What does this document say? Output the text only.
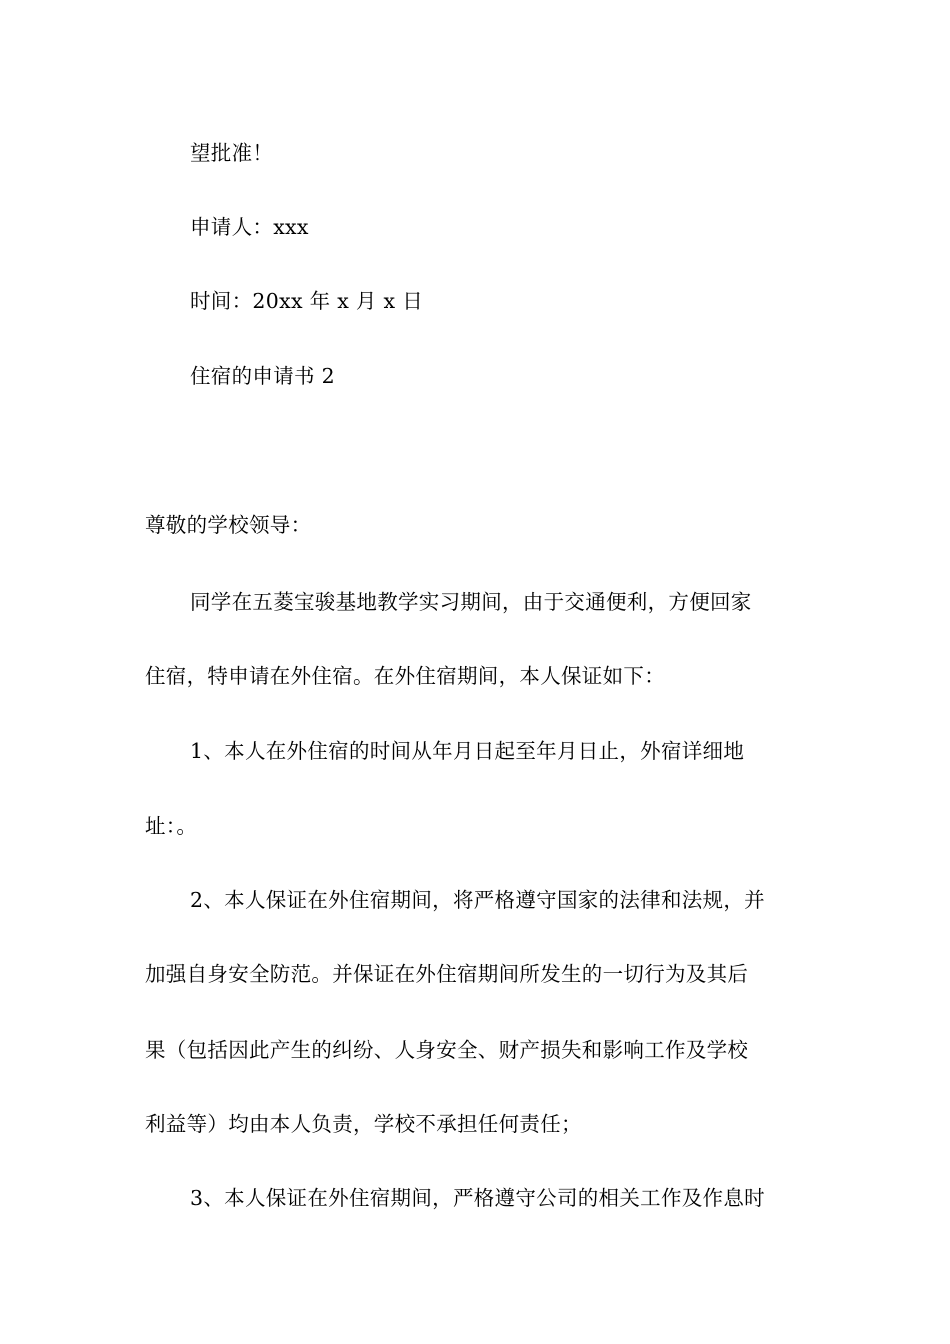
望批准！
申请人：xxx
时间：20xx 年 x 月 x 日
住宿的申请书 2
尊敬的学校领导：
同学在五菱宝骏基地教学实习期间，由于交通便利，方便回家
住宿，特申请在外住宿。在外住宿期间，本人保证如下：
1、本人在外住宿的时间从年月日起至年月日止，外宿详细地
址：。
2、本人保证在外住宿期间，将严格遵守国家的法律和法规，并
加强自身安全防范。并保证在外住宿期间所发生的一切行为及其后
果（包括因此产生的纠纷、人身安全、财产损失和影响工作及学校
利益等）均由本人负责，学校不承担任何责任；
3、本人保证在外住宿期间，严格遵守公司的相关工作及作息时
